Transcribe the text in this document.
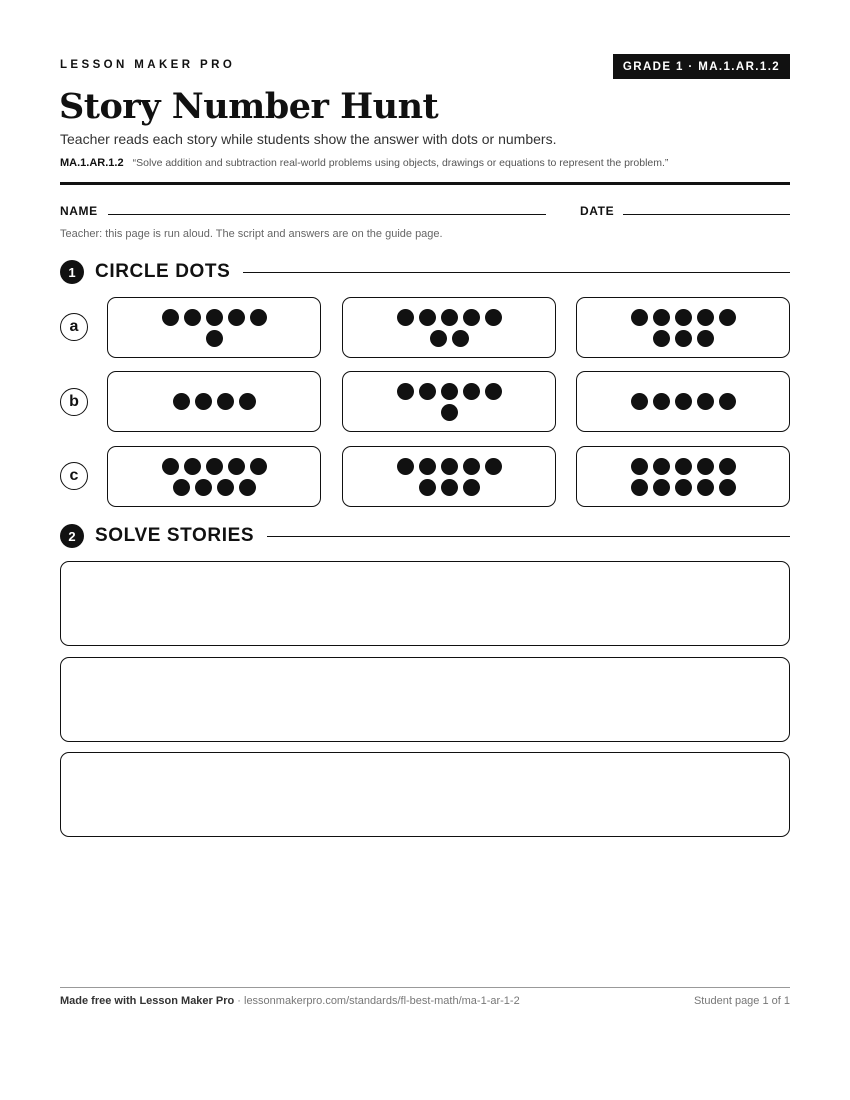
LESSON MAKER PRO	GRADE 1 · MA.1.AR.1.2
Story Number Hunt

Teacher reads each story while students show the answer with dots or numbers.

MA.1.AR.1.2 “Solve addition and subtraction real-world problems using objects, drawings or equations to represent the problem.”

NAME	DATE

Teacher: this page is run aloud. The script and answers are on the guide page.

1	CIRCLE DOTS
a
b
c
2	SOLVE STORIES

Made free with Lesson Maker Pro · lessonmakerpro.com/standards/fl-best-math/ma-1-ar-1-2	Student page 1 of 1
